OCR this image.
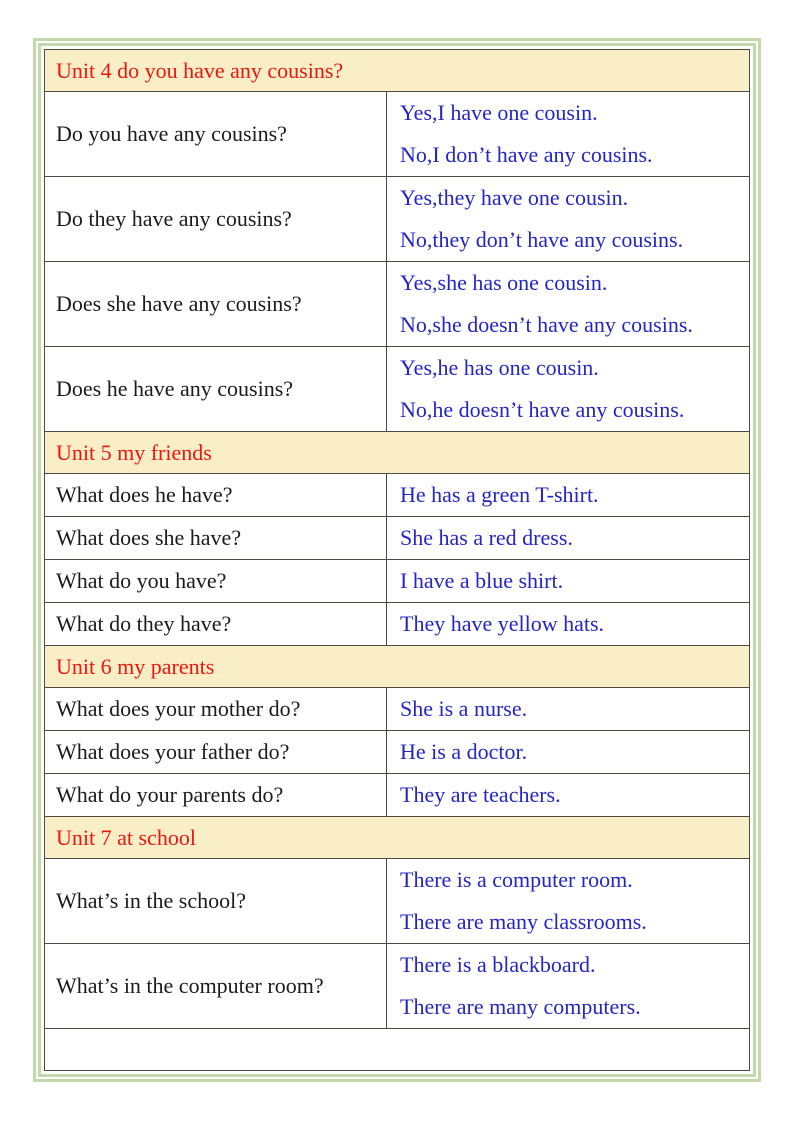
Unit 4 do you have any cousins?	
Do you have any cousins?	Yes,I have one cousin.
No,I don’t have any cousins.

Do they have any cousins?	Yes,they have one cousin.
No,they don’t have any cousins.

Does she have any cousins?	Yes,she has one cousin.
No,she doesn’t have any cousins.

Does he have any cousins?	Yes,he has one cousin.
No,he doesn’t have any cousins.

Unit 5 my friends	
What does he have?	He has a green T-shirt.

What does she have?	She has a red dress.

What do you have?	I have a blue shirt.

What do they have?	They have yellow hats.

Unit 6 my parents	
What does your mother do?	She is a nurse.

What does your father do?	He is a doctor.

What do your parents do?	They are teachers.

Unit 7 at school	
What’s in the school?	There is a computer room.
There are many classrooms.

What’s in the computer room?	There is a blackboard.
There are many computers.
